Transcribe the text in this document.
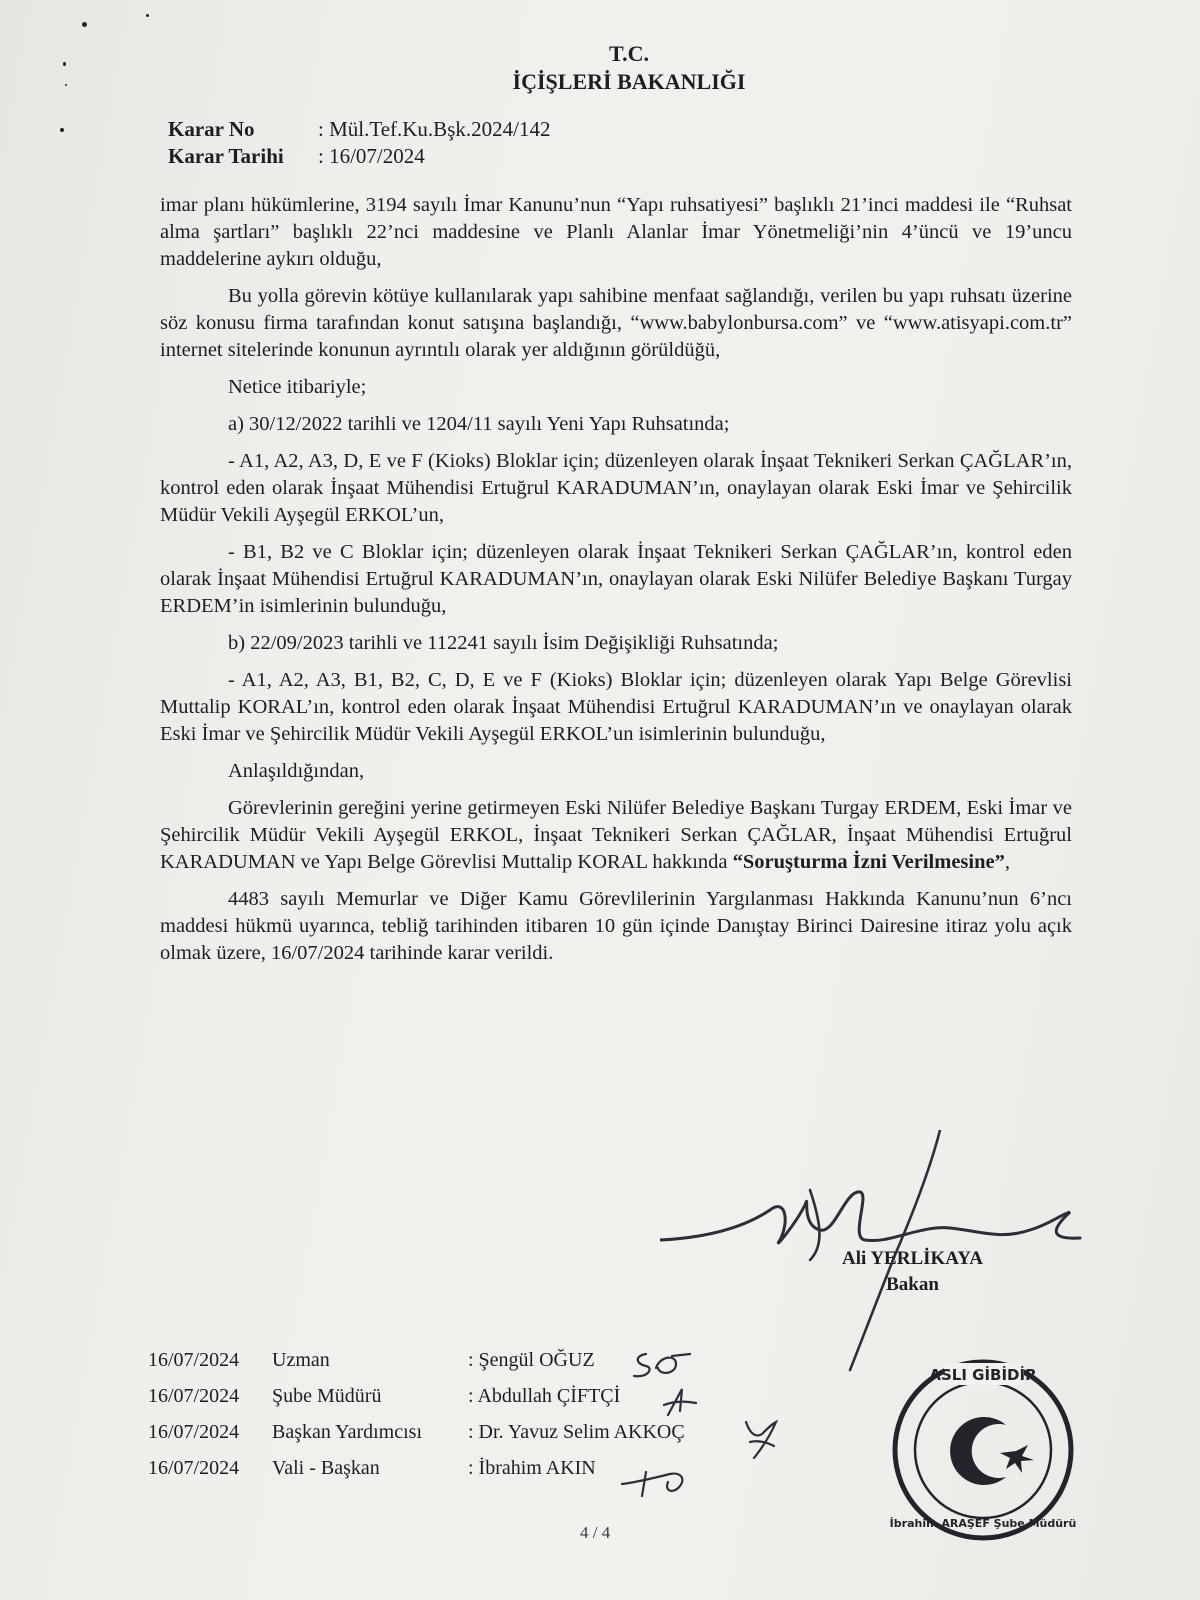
T.C.
İÇİŞLERİ BAKANLIĞI
Karar No	: Mül.Tef.Ku.Bşk.2024/142
Karar Tarihi	: 16/07/2024

imar planı hükümlerine, 3194 sayılı İmar Kanunu’nun “Yapı ruhsatiyesi” başlıklı 21’inci maddesi ile “Ruhsat alma şartları” başlıklı 22’nci maddesine ve Planlı Alanlar İmar Yönetmeliği’nin 4’üncü ve 19’uncu maddelerine aykırı olduğu,

Bu yolla görevin kötüye kullanılarak yapı sahibine menfaat sağlandığı, verilen bu yapı ruhsatı üzerine söz konusu firma tarafından konut satışına başlandığı, “www.babylonbursa.com” ve “www.atisyapi.com.tr” internet sitelerinde konunun ayrıntılı olarak yer aldığının görüldüğü,

Netice itibariyle;

a) 30/12/2022 tarihli ve 1204/11 sayılı Yeni Yapı Ruhsatında;

- A1, A2, A3, D, E ve F (Kioks) Bloklar için; düzenleyen olarak İnşaat Teknikeri Serkan ÇAĞLAR’ın, kontrol eden olarak İnşaat Mühendisi Ertuğrul KARADUMAN’ın, onaylayan olarak Eski İmar ve Şehircilik Müdür Vekili Ayşegül ERKOL’un,

- B1, B2 ve C Bloklar için; düzenleyen olarak İnşaat Teknikeri Serkan ÇAĞLAR’ın, kontrol eden olarak İnşaat Mühendisi Ertuğrul KARADUMAN’ın, onaylayan olarak Eski Nilüfer Belediye Başkanı Turgay ERDEM’in isimlerinin bulunduğu,

b) 22/09/2023 tarihli ve 112241 sayılı İsim Değişikliği Ruhsatında;

- A1, A2, A3, B1, B2, C, D, E ve F (Kioks) Bloklar için; düzenleyen olarak Yapı Belge Görevlisi Muttalip KORAL’ın, kontrol eden olarak İnşaat Mühendisi Ertuğrul KARADUMAN’ın ve onaylayan olarak Eski İmar ve Şehircilik Müdür Vekili Ayşegül ERKOL’un isimlerinin bulunduğu,

Anlaşıldığından,

Görevlerinin gereğini yerine getirmeyen Eski Nilüfer Belediye Başkanı Turgay ERDEM, Eski İmar ve Şehircilik Müdür Vekili Ayşegül ERKOL, İnşaat Teknikeri Serkan ÇAĞLAR, İnşaat Mühendisi Ertuğrul KARADUMAN ve Yapı Belge Görevlisi Muttalip KORAL hakkında “Soruşturma İzni Verilmesine”,

4483 sayılı Memurlar ve Diğer Kamu Görevlilerinin Yargılanması Hakkında Kanunu’nun 6’ncı maddesi hükmü uyarınca, tebliğ tarihinden itibaren 10 gün içinde Danıştay Birinci Dairesine itiraz yolu açık olmak üzere, 16/07/2024 tarihinde karar verildi.

Ali YERLİKAYA
Bakan
16/07/2024	Uzman	: Şengül OĞUZ
16/07/2024	Şube Müdürü	: Abdullah ÇİFTÇİ
16/07/2024	Başkan Yardımcısı	: Dr. Yavuz Selim AKKOÇ
16/07/2024	Vali - Başkan	: İbrahim AKIN
ASLI GİBİDİR
İbrahim ARAŞEF Şube Müdürü
4 / 4
